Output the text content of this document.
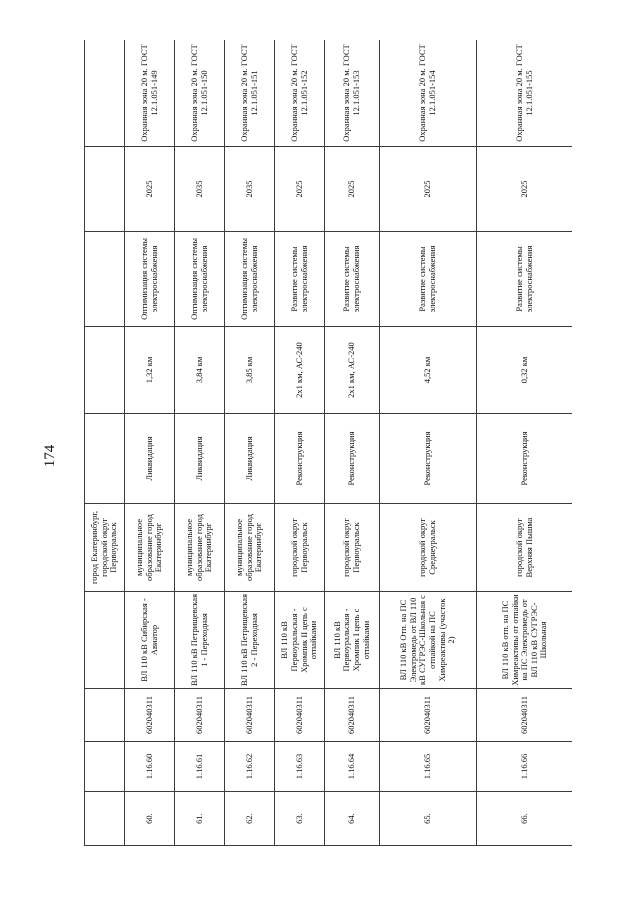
174
				город Екатеринбург, городской округ Первоуральск					
60.	1.16.60	602040311	ВЛ 110 кВ Сибирская - Авиатор	муниципальное образование город Екатеринбург	Ликвидация	1,32 км	Оптимизация системы электроснабжения	2025	Охранная зона 20 м. ГОСТ 12.1.051-149
61.	1.16.61	602040311	ВЛ 110 кВ Петрищевская 1 - Переходная	муниципальное образование город Екатеринбург	Ликвидация	3,84 км	Оптимизация системы электроснабжения	2035	Охранная зона 20 м. ГОСТ 12.1.051-150
62.	1.16.62	602040311	ВЛ 110 кВ Петрищевская 2 - Переходная	муниципальное образование город Екатеринбург	Ликвидация	3,85 км	Оптимизация системы электроснабжения	2035	Охранная зона 20 м. ГОСТ 12.1.051-151
63.	1.16.63	602040311	ВЛ 110 кВ Первоуральская - Хромпик II цепь с отпайками	городской округ Первоуральск	Реконструкция	2х1 км, АС-240	Развитие системы электроснабжения	2025	Охранная зона 20 м. ГОСТ 12.1.051-152
64.	1.16.64	602040311	ВЛ 110 кВ Первоуральская - Хромпик I цепь с отпайками	городской округ Первоуральск	Реконструкция	2х1 км, АС-240	Развитие системы электроснабжения	2025	Охранная зона 20 м. ГОСТ 12.1.051-153
65.	1.16.65	602040311	ВЛ 110 кВ Отп. на ПС Электромедь от ВЛ 110 кВ СУГРЭС-Школьная с отпайкой на ПС Химреактивы (участок 2)	городской округ Среднеуральск	Реконструкция	4,52 км	Развитие системы электроснабжения	2025	Охранная зона 20 м. ГОСТ 12.1.051-154
66.	1.16.66	602040311	ВЛ 110 кВ отп. на ПС Химреактивы от отпайки на ПС Электромедь от ВЛ 110 кВ СУГРЭС-Школьная	городской округ Верхняя Пышма	Реконструкция	0,32 км	Развитие системы электроснабжения	2025	Охранная зона 20 м. ГОСТ 12.1.051-155
